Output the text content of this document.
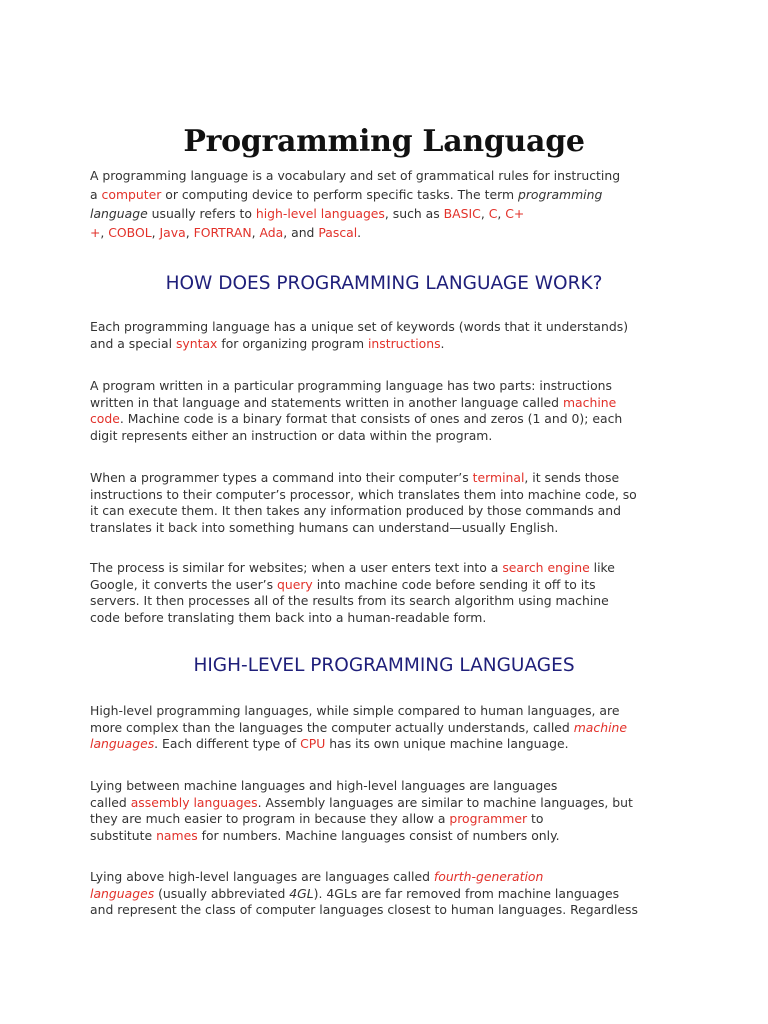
Programming Language

A programming language is a vocabulary and set of grammatical rules for instructing
a computer or computing device to perform specific tasks. The term programming
language usually refers to high-level languages, such as BASIC, C, C+
+, COBOL, Java, FORTRAN, Ada, and Pascal.

HOW DOES PROGRAMMING LANGUAGE WORK?

Each programming language has a unique set of keywords (words that it understands)
and a special syntax for organizing program instructions.

A program written in a particular programming language has two parts: instructions
written in that language and statements written in another language called machine
code. Machine code is a binary format that consists of ones and zeros (1 and 0); each
digit represents either an instruction or data within the program.

When a programmer types a command into their computer’s terminal, it sends those
instructions to their computer’s processor, which translates them into machine code, so
it can execute them. It then takes any information produced by those commands and
translates it back into something humans can understand—usually English.

The process is similar for websites; when a user enters text into a search engine like
Google, it converts the user’s query into machine code before sending it off to its
servers. It then processes all of the results from its search algorithm using machine
code before translating them back into a human-readable form.

HIGH-LEVEL PROGRAMMING LANGUAGES

High-level programming languages, while simple compared to human languages, are
more complex than the languages the computer actually understands, called machine
languages. Each different type of CPU has its own unique machine language.

Lying between machine languages and high-level languages are languages
called assembly languages. Assembly languages are similar to machine languages, but
they are much easier to program in because they allow a programmer to
substitute names for numbers. Machine languages consist of numbers only.

Lying above high-level languages are languages called fourth-generation
languages (usually abbreviated 4GL). 4GLs are far removed from machine languages
and represent the class of computer languages closest to human languages. Regardless
